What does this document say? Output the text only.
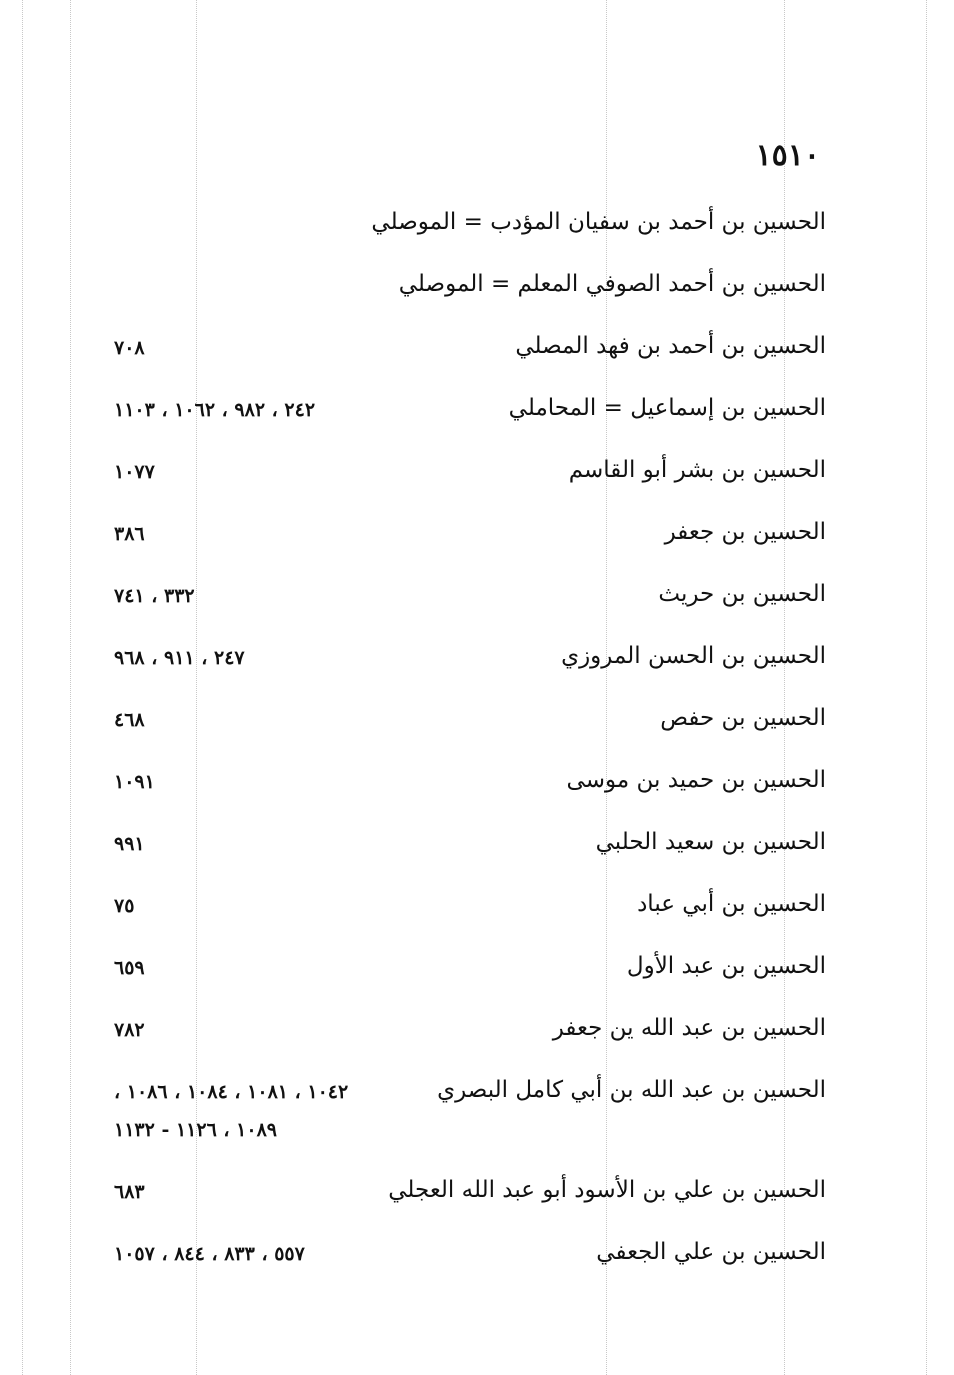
١٥١٠
الحسين بن أحمد بن سفيان المؤدب = الموصلي
الحسين بن أحمد الصوفي المعلم = الموصلي
الحسين بن أحمد بن فهد المصلي
٧٠٨
الحسين بن إسماعيل = المحاملي
٢٤٢ ، ٩٨٢ ، ١٠٦٢ ، ١١٠٣
الحسين بن بشر أبو القاسم
١٠٧٧
الحسين بن جعفر
٣٨٦
الحسين بن حريث
٣٣٢ ، ٧٤١
الحسين بن الحسن المروزي
٢٤٧ ، ٩١١ ، ٩٦٨
الحسين بن حفص
٤٦٨
الحسين بن حميد بن موسى
١٠٩١
الحسين بن سعيد الحلبي
٩٩١
الحسين بن أبي عباد
٧٥
الحسين بن عبد الأول
٦٥٩
الحسين بن عبد الله ين جعفر
٧٨٢
الحسين بن عبد الله بن أبي كامل البصري
١٠٤٢ ، ١٠٨١ ، ١٠٨٤ ، ١٠٨٦ ،
١٠٨٩ ، ١١٢٦ - ١١٣٢
الحسين بن علي بن الأسود أبو عبد الله العجلي
٦٨٣
الحسين بن علي الجعفي
٥٥٧ ، ٨٣٣ ، ٨٤٤ ، ١٠٥٧
